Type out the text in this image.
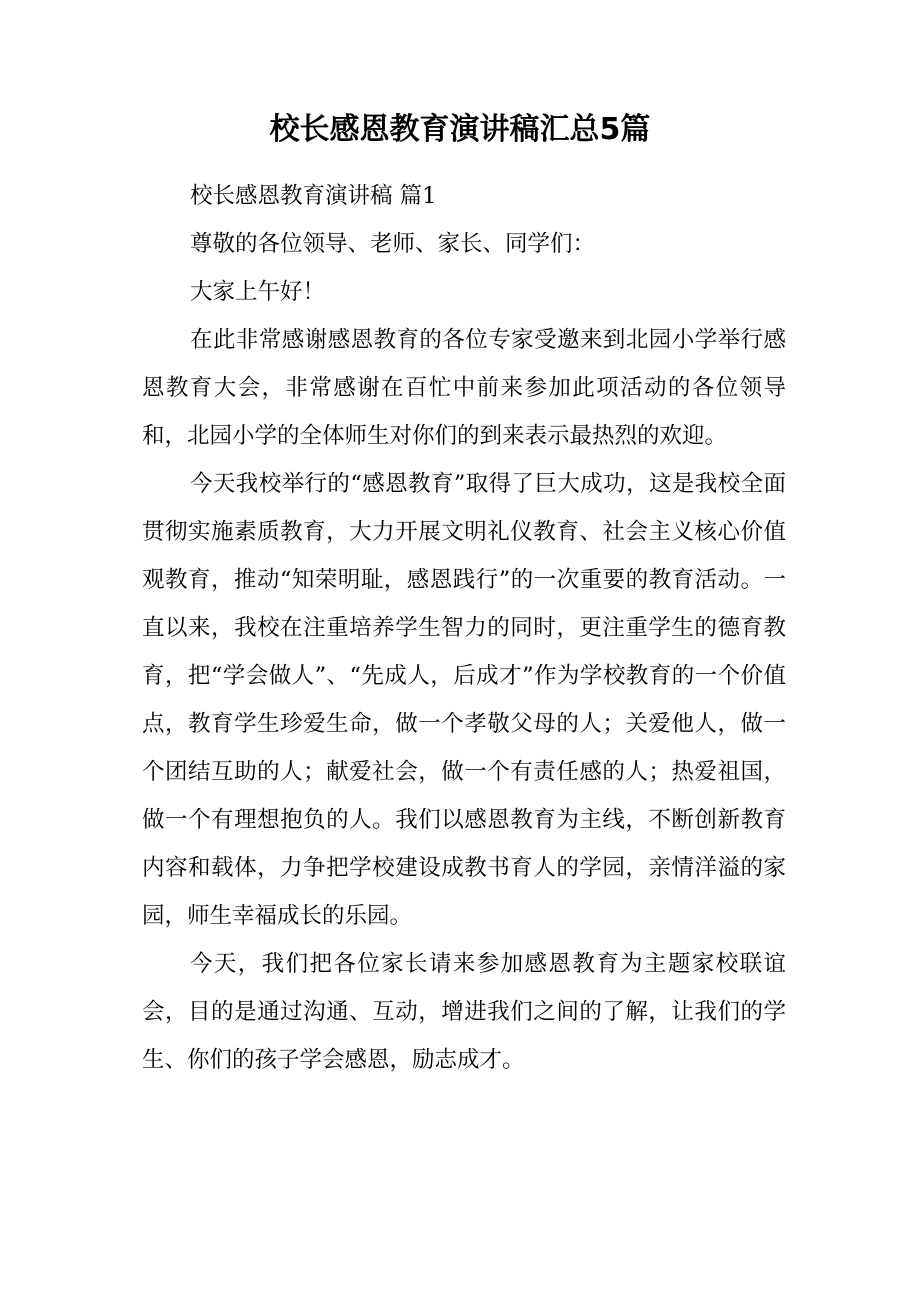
校长感恩教育演讲稿汇总5篇

校长感恩教育演讲稿 篇1

尊敬的各位领导、老师、家长、同学们：

大家上午好！

在此非常感谢感恩教育的各位专家受邀来到北园小学举行感恩教育大会，非常感谢在百忙中前来参加此项活动的各位领导和，北园小学的全体师生对你们的到来表示最热烈的欢迎。

今天我校举行的“感恩教育”取得了巨大成功，这是我校全面贯彻实施素质教育，大力开展文明礼仪教育、社会主义核心价值观教育，推动“知荣明耻，感恩践行”的一次重要的教育活动。一直以来，我校在注重培养学生智力的同时，更注重学生的德育教育，把“学会做人”、“先成人，后成才”作为学校教育的一个价值点，教育学生珍爱生命，做一个孝敬父母的人；关爱他人，做一个团结互助的人；献爱社会，做一个有责任感的人；热爱祖国，做一个有理想抱负的人。我们以感恩教育为主线，不断创新教育内容和载体，力争把学校建设成教书育人的学园，亲情洋溢的家园，师生幸福成长的乐园。

今天，我们把各位家长请来参加感恩教育为主题家校联谊会，目的是通过沟通、互动，增进我们之间的了解，让我们的学生、你们的孩子学会感恩，励志成才。
